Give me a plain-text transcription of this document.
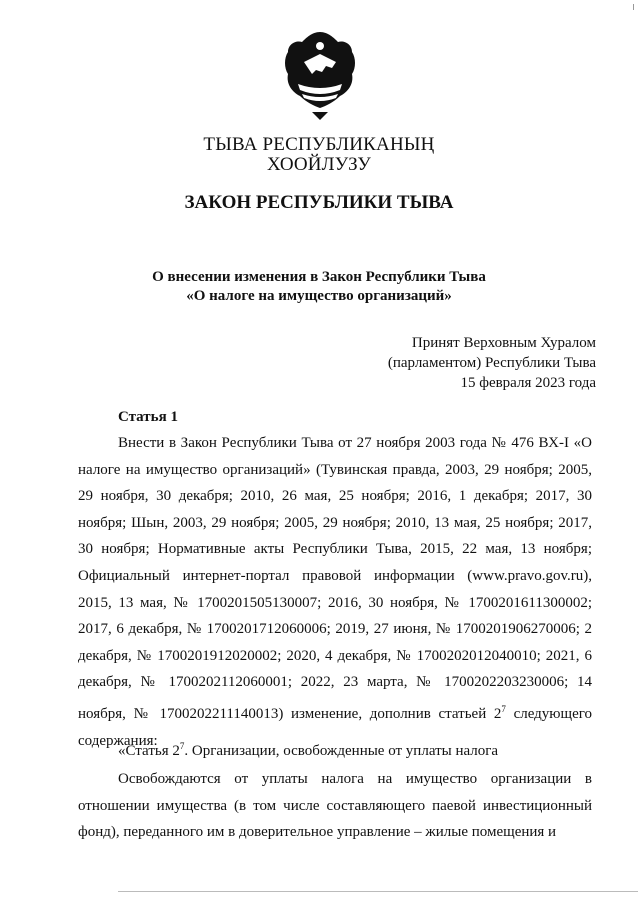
ТЫВА РЕСПУБЛИКАНЫҢ
ХООЙЛУЗУ
ЗАКОН РЕСПУБЛИКИ ТЫВА
О внесении изменения в Закон Республики Тыва
«О налоге на имущество организаций»
Принят Верховным Хуралом
(парламентом) Республики Тыва
15 февраля 2023 года
Статья 1

Внести в Закон Республики Тыва от 27 ноября 2003 года № 476 ВХ-I «О налоге на имущество организаций» (Тувинская правда, 2003, 29 ноября; 2005, 29 ноября, 30 декабря; 2010, 26 мая, 25 ноября; 2016, 1 декабря; 2017, 30 ноября; Шын, 2003, 29 ноября; 2005, 29 ноября; 2010, 13 мая, 25 ноября; 2017, 30 ноября; Нормативные акты Республики Тыва, 2015, 22 мая, 13 ноября; Официальный интернет-портал правовой информации (www.pravo.gov.ru), 2015, 13 мая, № 1700201505130007; 2016, 30 ноября, № 1700201611300002; 2017, 6 декабря, № 1700201712060006; 2019, 27 июня, № 1700201906270006; 2 декабря, № 1700201912020002; 2020, 4 декабря, № 1700202012040010; 2021, 6 декабря, № 1700202112060001; 2022, 23 марта, № 1700202203230006; 14 ноября, № 1700202211140013) изменение, дополнив статьей $2^7$ следующего содержания:

«Статья $2^7$. Организации, освобожденные от уплаты налога

Освобождаются от уплаты налога на имущество организации в отношении имущества (в том числе составляющего паевой инвестиционный фонд), переданного им в доверительное управление – жилые помещения и
